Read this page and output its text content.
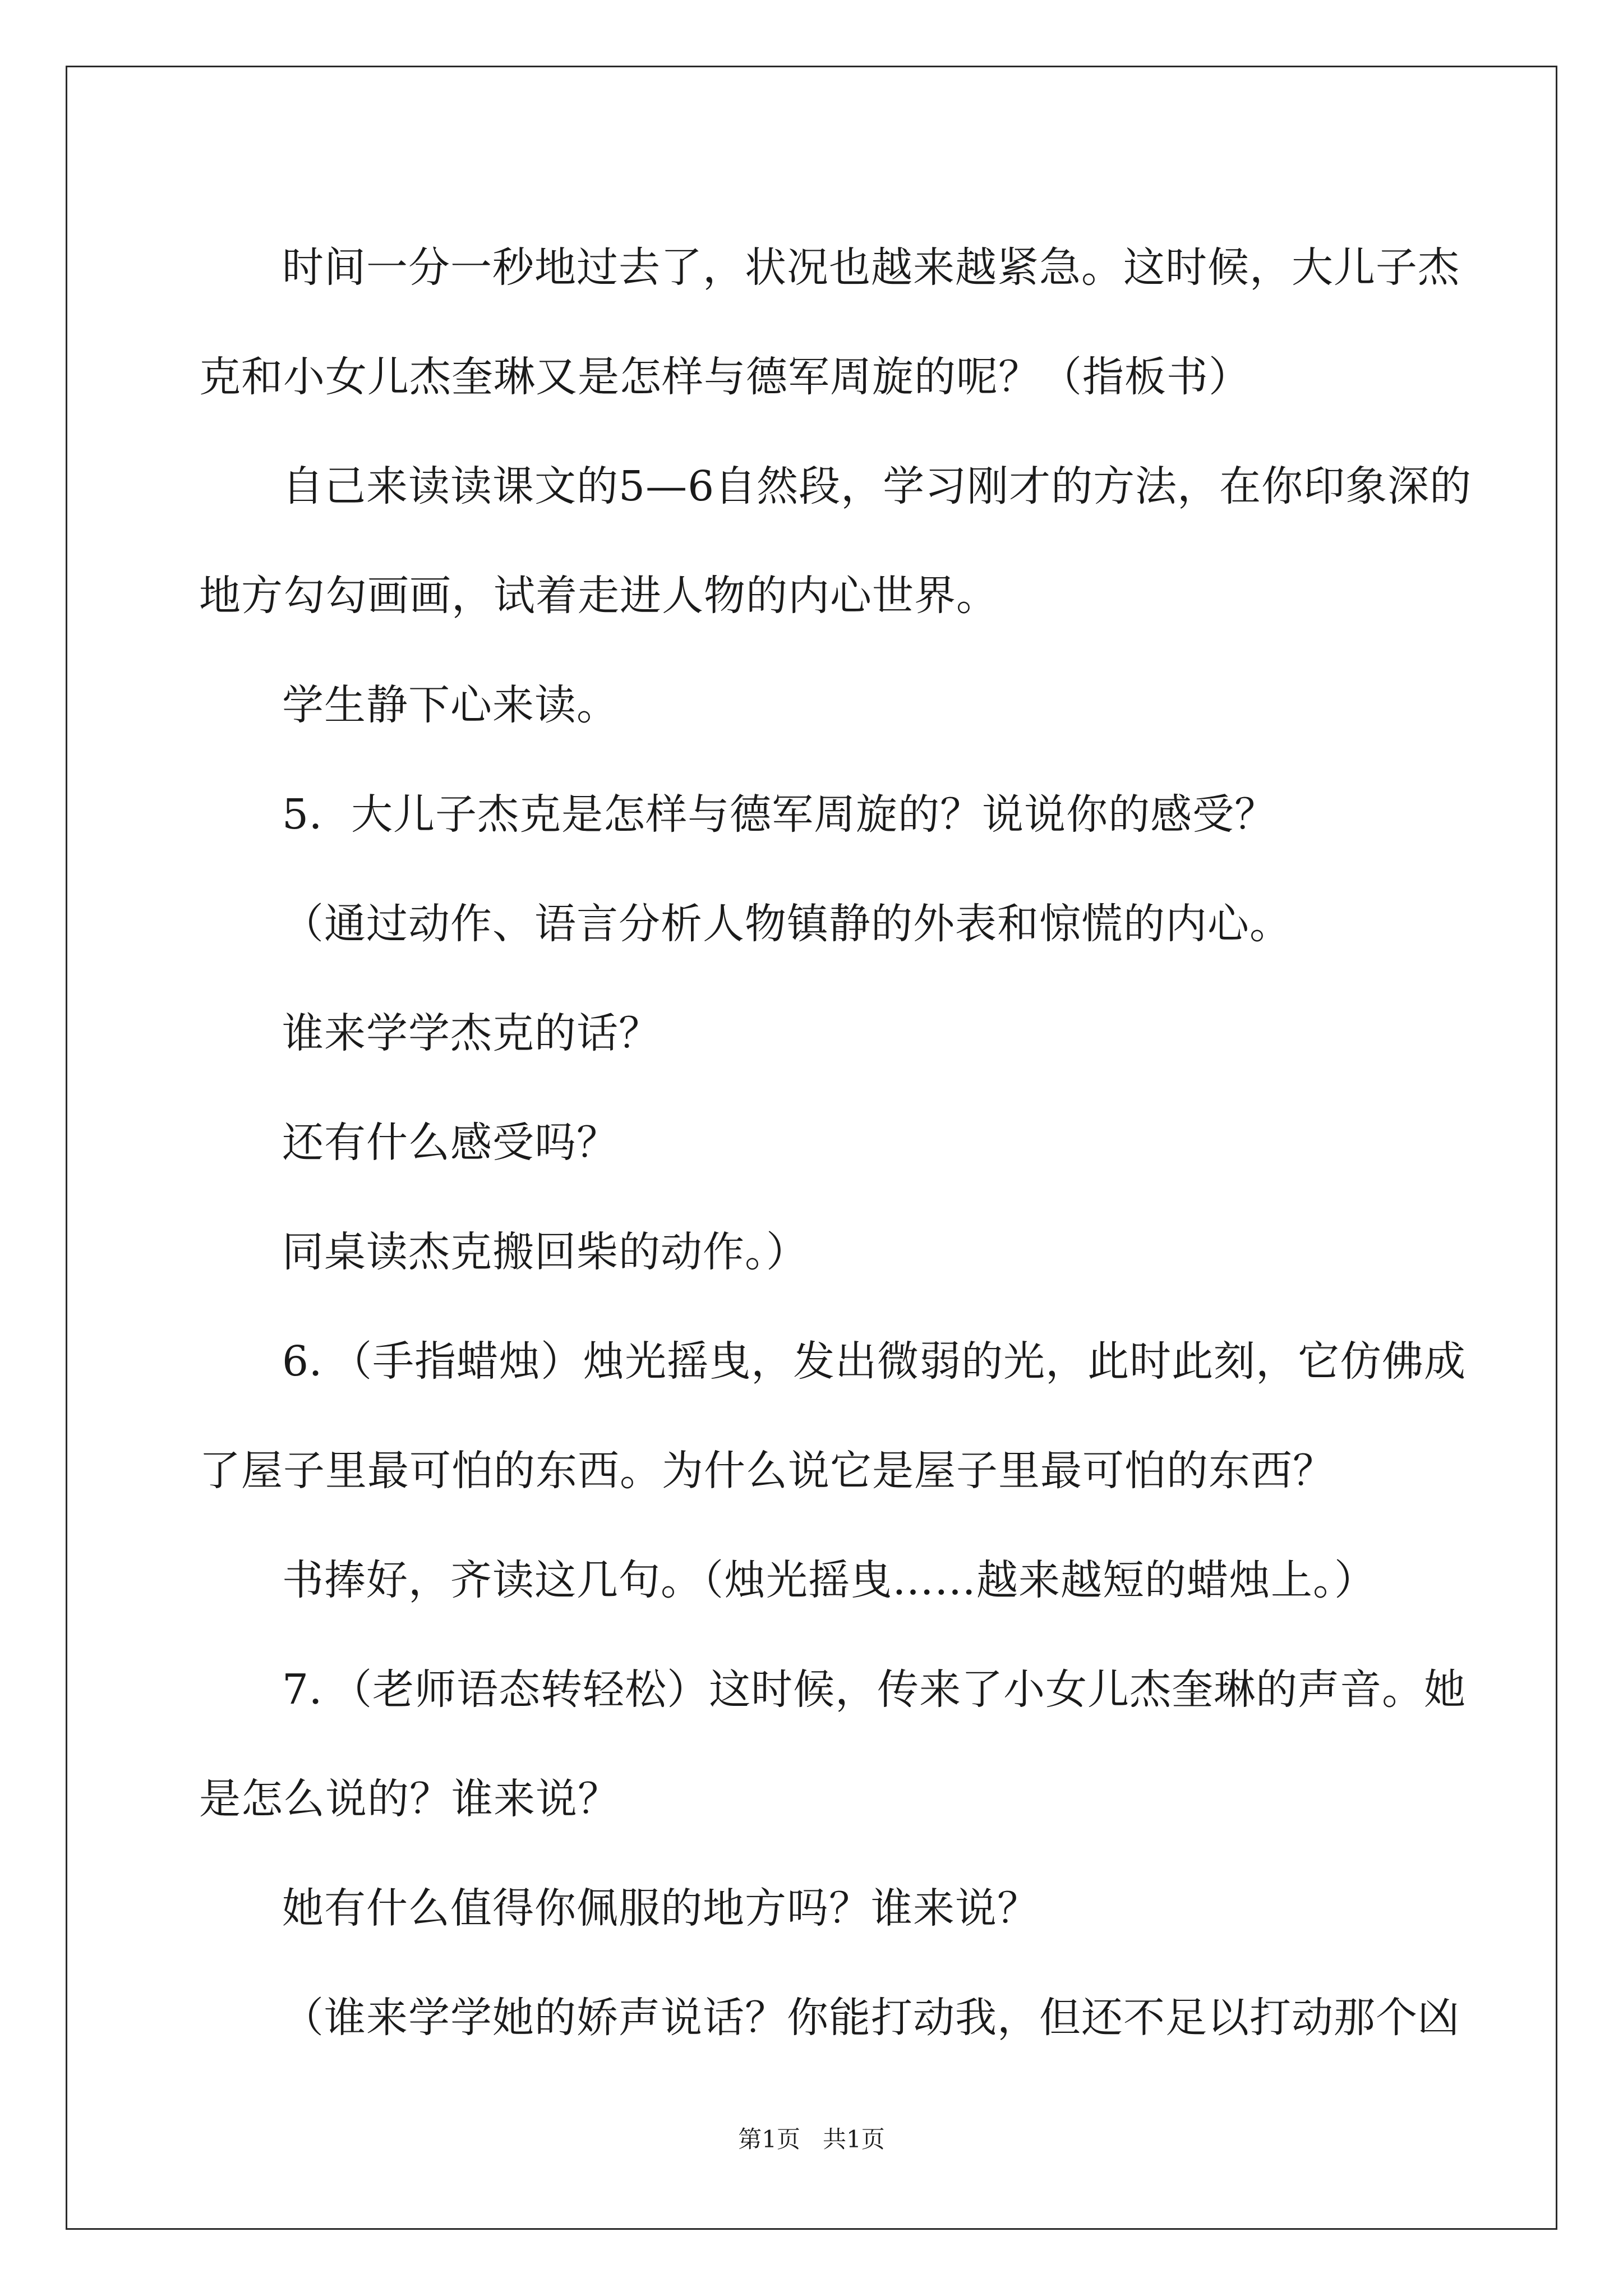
时间一分一秒地过去了，状况也越来越紧急。这时候，大儿子杰

克和小女儿杰奎琳又是怎样与德军周旋的呢？（指板书）

自己来读读课文的5—6自然段，学习刚才的方法，在你印象深的

地方勾勾画画，试着走进人物的内心世界。

学生静下心来读。

5．大儿子杰克是怎样与德军周旋的？说说你的感受？

（通过动作、语言分析人物镇静的外表和惊慌的内心。

谁来学学杰克的话？

还有什么感受吗？

同桌读杰克搬回柴的动作。）

6．（手指蜡烛）烛光摇曳，发出微弱的光，此时此刻，它仿佛成

了屋子里最可怕的东西。为什么说它是屋子里最可怕的东西？

书捧好，齐读这几句。（烛光摇曳……越来越短的蜡烛上。）

7．（老师语态转轻松）这时候，传来了小女儿杰奎琳的声音。她

是怎么说的？谁来说？

她有什么值得你佩服的地方吗？谁来说？

（谁来学学她的娇声说话？你能打动我，但还不足以打动那个凶

第1页 共1页
